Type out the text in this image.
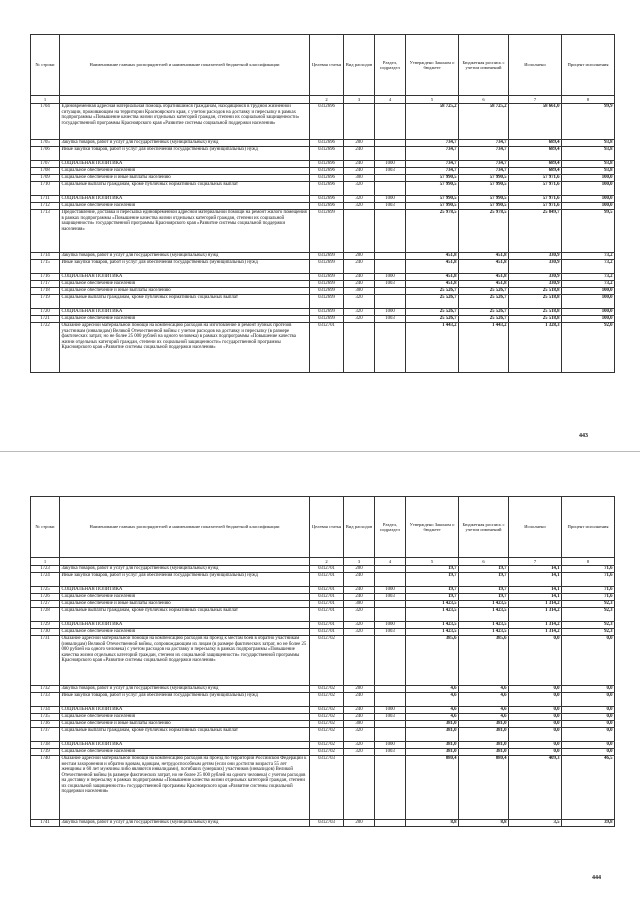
№ строки	Наименование главных распорядителей и наименование показателей бюджетной классификации	Целевая статья	Вид расходов	Раздел, подраздел	Утверждено Законом о бюджете	Бюджетная роспись с учетом изменений	Исполнено	Процент исполнения
1		2	3	4	5	6	7	8
1704	Единовременная адресная материальная помощь обратившимся гражданам, находящимся в трудной жизненной ситуации, проживающим на территории Красноярского края, с учетом расходов на доставку и пересылку в рамках подпрограммы «Повышение качества жизни отдельных категорий граждан, степени их социальной защищенности» государственной программы Красноярского края «Развитие системы социальной поддержки населения»	0312696			58 725,2	58 725,2	58 661,0	99,9
1705	Закупка товаров, работ и услуг для государственных (муниципальных) нужд	0312696	200		734,7	734,7	689,4	93,8
1706	Иные закупки товаров, работ и услуг для обеспечения государственных (муниципальных) нужд	0312696	240		734,7	734,7	689,4	93,8
1707	СОЦИАЛЬНАЯ ПОЛИТИКА	0312696	240	1000	734,7	734,7	689,4	93,8
1708	Социальное обеспечение населения	0312696	240	1003	734,7	734,7	689,4	93,8
1709	Социальное обеспечение и иные выплаты населению	0312696	300		57 990,5	57 990,5	57 971,6	100,0
1710	Социальные выплаты гражданам, кроме публичных нормативных социальных выплат	0312696	320		57 990,5	57 990,5	57 971,6	100,0
1711	СОЦИАЛЬНАЯ ПОЛИТИКА	0312696	320	1000	57 990,5	57 990,5	57 971,6	100,0
1712	Социальное обеспечение населения	0312696	320	1003	57 990,5	57 990,5	57 971,6	100,0
1713	Предоставление, доставка и пересылка единовременной адресной материальной помощи на ремонт жилого помещения в рамках подпрограммы «Повышение качества жизни отдельных категорий граждан, степени их социальной защищенности» государственной программы Красноярского края «Развитие системы социальной поддержки населения»	0312699			25 978,5	25 978,5	25 849,7	99,5
1714	Закупка товаров, работ и услуг для государственных (муниципальных) нужд	0312699	200		451,8	451,8	330,9	73,2
1715	Иные закупки товаров, работ и услуг для обеспечения государственных (муниципальных) нужд	0312699	240		451,8	451,8	330,9	73,2
1716	СОЦИАЛЬНАЯ ПОЛИТИКА	0312699	240	1000	451,8	451,8	330,9	73,2
1717	Социальное обеспечение населения	0312699	240	1003	451,8	451,8	330,9	73,2
1718	Социальное обеспечение и иные выплаты населению	0312699	300		25 526,7	25 526,7	25 518,8	100,0
1719	Социальные выплаты гражданам, кроме публичных нормативных социальных выплат	0312699	320		25 526,7	25 526,7	25 518,8	100,0
1720	СОЦИАЛЬНАЯ ПОЛИТИКА	0312699	320	1000	25 526,7	25 526,7	25 518,8	100,0
1721	Социальное обеспечение населения	0312699	320	1003	25 526,7	25 526,7	25 518,8	100,0
1722	Оказание адресной материальной помощи на компенсацию расходов на изготовление и ремонт зубных протезов участникам (инвалидам) Великой Отечественной войны с учетом расходов на доставку и пересылку (в размере фактических затрат, но не более 25 000 рублей на одного человека) в рамках подпрограммы «Повышение качества жизни отдельных категорий граждан, степени их социальной защищенности» государственной программы Красноярского края «Развитие системы социальной поддержки населения»	0312701			1 443,2	1 443,2	1 328,3	92,0
443
№ строки	Наименование главных распорядителей и наименование показателей бюджетной классификации	Целевая статья	Вид расходов	Раздел, подраздел	Утверждено Законом о бюджете	Бюджетная роспись с учетом изменений	Исполнено	Процент исполнения
1		2	3	4	5	6	7	8
1723	Закупка товаров, работ и услуг для государственных (муниципальных) нужд	0312701	200		19,7	19,7	14,1	71,6
1724	Иные закупки товаров, работ и услуг для обеспечения государственных (муниципальных) нужд	0312701	240		19,7	19,7	14,1	71,6
1725	СОЦИАЛЬНАЯ ПОЛИТИКА	0312701	240	1000	19,7	19,7	14,1	71,6
1726	Социальное обеспечение населения	0312701	240	1003	19,7	19,7	14,1	71,6
1727	Социальное обеспечение и иные выплаты населению	0312701	300		1 423,5	1 423,5	1 314,2	92,3
1728	Социальные выплаты гражданам, кроме публичных нормативных социальных выплат	0312701	320		1 423,5	1 423,5	1 314,2	92,3
1729	СОЦИАЛЬНАЯ ПОЛИТИКА	0312701	320	1000	1 423,5	1 423,5	1 314,2	92,3
1730	Социальное обеспечение населения	0312701	320	1003	1 423,5	1 423,5	1 314,2	92,3
1731	Оказание адресной материальной помощи на компенсацию расходов на проезд к местам боев в обратно участникам (инвалидам) Великой Отечественной войны, сопровождающим их лицам (в размере фактических затрат, но не более 25 000 рублей на одного человека) с учетом расходов на доставку и пересылку в рамках подпрограммы «Повышение качества жизни отдельных категорий граждан, степени их социальной защищенности» государственной программы Красноярского края «Развитие системы социальной поддержки населения»	0312702			385,6	385,6	0,0	0,0
1732	Закупка товаров, работ и услуг для государственных (муниципальных) нужд	0312702	200		4,6	4,6	0,0	0,0
1733	Иные закупки товаров, работ и услуг для обеспечения государственных (муниципальных) нужд	0312702	240		4,6	4,6	0,0	0,0
1734	СОЦИАЛЬНАЯ ПОЛИТИКА	0312702	240	1000	4,6	4,6	0,0	0,0
1735	Социальное обеспечение населения	0312702	240	1003	4,6	4,6	0,0	0,0
1736	Социальное обеспечение и иные выплаты населению	0312702	300		381,0	381,0	0,0	0,0
1737	Социальные выплаты гражданам, кроме публичных нормативных социальных выплат	0312702	320		381,0	381,0	0,0	0,0
1738	СОЦИАЛЬНАЯ ПОЛИТИКА	0312702	320	1000	381,0	381,0	0,0	0,0
1739	Социальное обеспечение населения	0312702	320	1003	381,0	381,0	0,0	0,0
1740	Оказание адресной материальной помощи на компенсацию расходов на проезд по территории Российской Федерации к местам захоронения и обратно вдовам, вдовцам, нетрудоспособным детям (если они достигли возраста 55 лет женщины и 60 лет мужчины либо являются инвалидами), погибших (умерших) участников (инвалидов) Великой Отечественной войны (в размере фактических затрат, но не более 25 000 рублей на одного человека) с учетом расходов на доставку и пересылку в рамках подпрограммы «Повышение качества жизни отдельных категорий граждан, степени их социальной защищенности» государственной программы Красноярского края «Развитие системы социальной поддержки населения»	0312703			880,4	880,4	409,3	46,5
1741	Закупка товаров, работ и услуг для государственных (муниципальных) нужд	0312703	200		8,8	8,8	3,5	39,8
444
